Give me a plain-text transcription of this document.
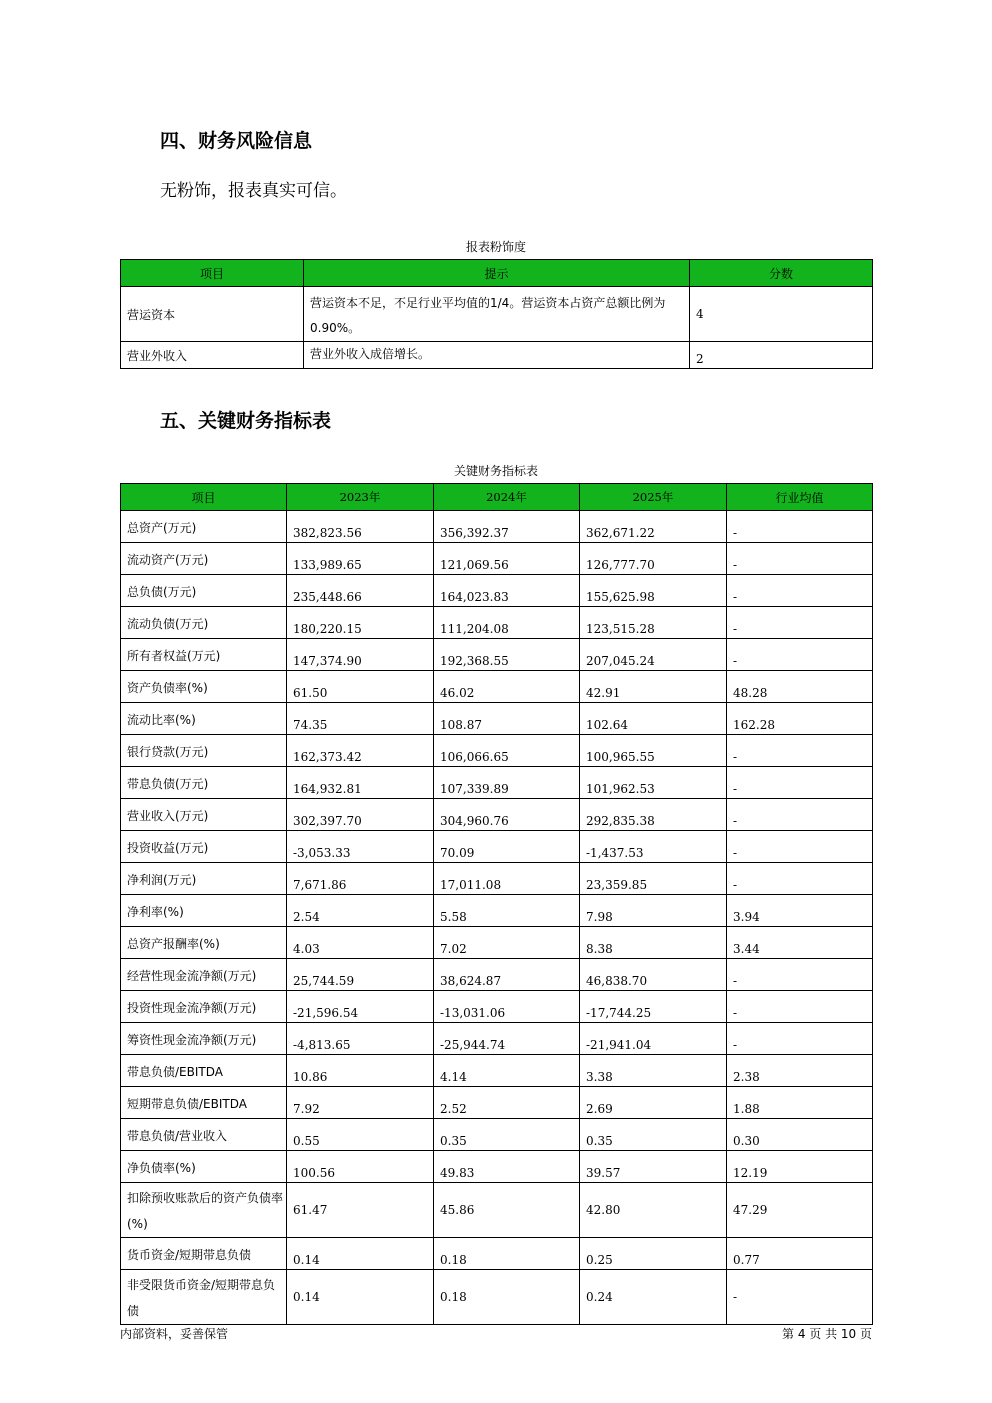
四、财务风险信息
无粉饰，报表真实可信。
报表粉饰度
项目	提示	分数
营运资本	营运资本不足，不足行业平均值的1/4。营运资本占资产总额比例为0.90%。	4
营业外收入	营业外收入成倍增长。	2
五、关键财务指标表
关键财务指标表
项目	2023年	2024年	2025年	行业均值
总资产(万元)	382,823.56	356,392.37	362,671.22	-
流动资产(万元)	133,989.65	121,069.56	126,777.70	-
总负债(万元)	235,448.66	164,023.83	155,625.98	-
流动负债(万元)	180,220.15	111,204.08	123,515.28	-
所有者权益(万元)	147,374.90	192,368.55	207,045.24	-
资产负债率(%)	61.50	46.02	42.91	48.28
流动比率(%)	74.35	108.87	102.64	162.28
银行贷款(万元)	162,373.42	106,066.65	100,965.55	-
带息负债(万元)	164,932.81	107,339.89	101,962.53	-
营业收入(万元)	302,397.70	304,960.76	292,835.38	-
投资收益(万元)	-3,053.33	70.09	-1,437.53	-
净利润(万元)	7,671.86	17,011.08	23,359.85	-
净利率(%)	2.54	5.58	7.98	3.94
总资产报酬率(%)	4.03	7.02	8.38	3.44
经营性现金流净额(万元)	25,744.59	38,624.87	46,838.70	-
投资性现金流净额(万元)	-21,596.54	-13,031.06	-17,744.25	-
筹资性现金流净额(万元)	-4,813.65	-25,944.74	-21,941.04	-
带息负债/EBITDA	10.86	4.14	3.38	2.38
短期带息负债/EBITDA	7.92	2.52	2.69	1.88
带息负债/营业收入	0.55	0.35	0.35	0.30
净负债率(%)	100.56	49.83	39.57	12.19
扣除预收账款后的资产负债率(%)	61.47	45.86	42.80	47.29
货币资金/短期带息负债	0.14	0.18	0.25	0.77
非受限货币资金/短期带息负债	0.14	0.18	0.24	-
内部资料，妥善保管	第 4 页 共 10 页
